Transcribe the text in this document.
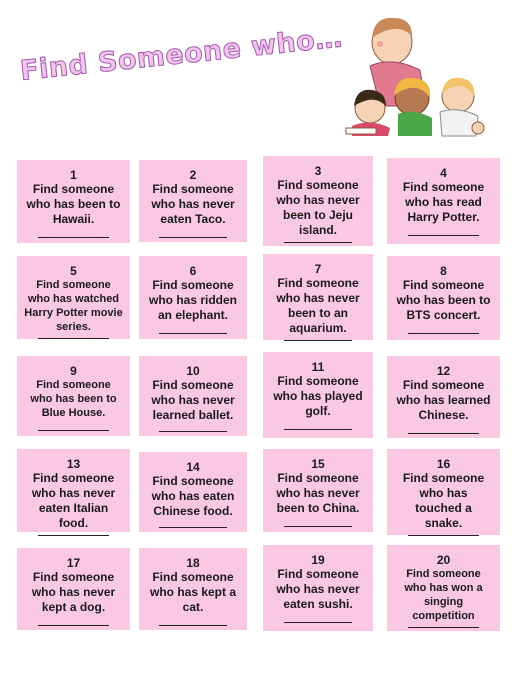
Find Someone who…
1
Find someone
who has been to
Hawaii.
2
Find someone
who has never
eaten Taco.
3
Find someone
who has never
been to Jeju
island.
4
Find someone
who has read
Harry Potter.
5
Find someone
who has watched
Harry Potter movie
series.
6
Find someone
who has ridden
an elephant.
7
Find someone
who has never
been to an
aquarium.
8
Find someone
who has been to
BTS concert.
9
Find someone
who has been to
Blue House.
10
Find someone
who has never
learned ballet.
11
Find someone
who has played
golf.
12
Find someone
who has learned
Chinese.
13
Find someone
who has never
eaten Italian
food.
14
Find someone
who has eaten
Chinese food.
15
Find someone
who has never
been to China.
16
Find someone
who has
touched a
snake.
17
Find someone
who has never
kept a dog.
18
Find someone
who has kept a
cat.
19
Find someone
who has never
eaten sushi.
20
Find someone
who has won a
singing
competition
